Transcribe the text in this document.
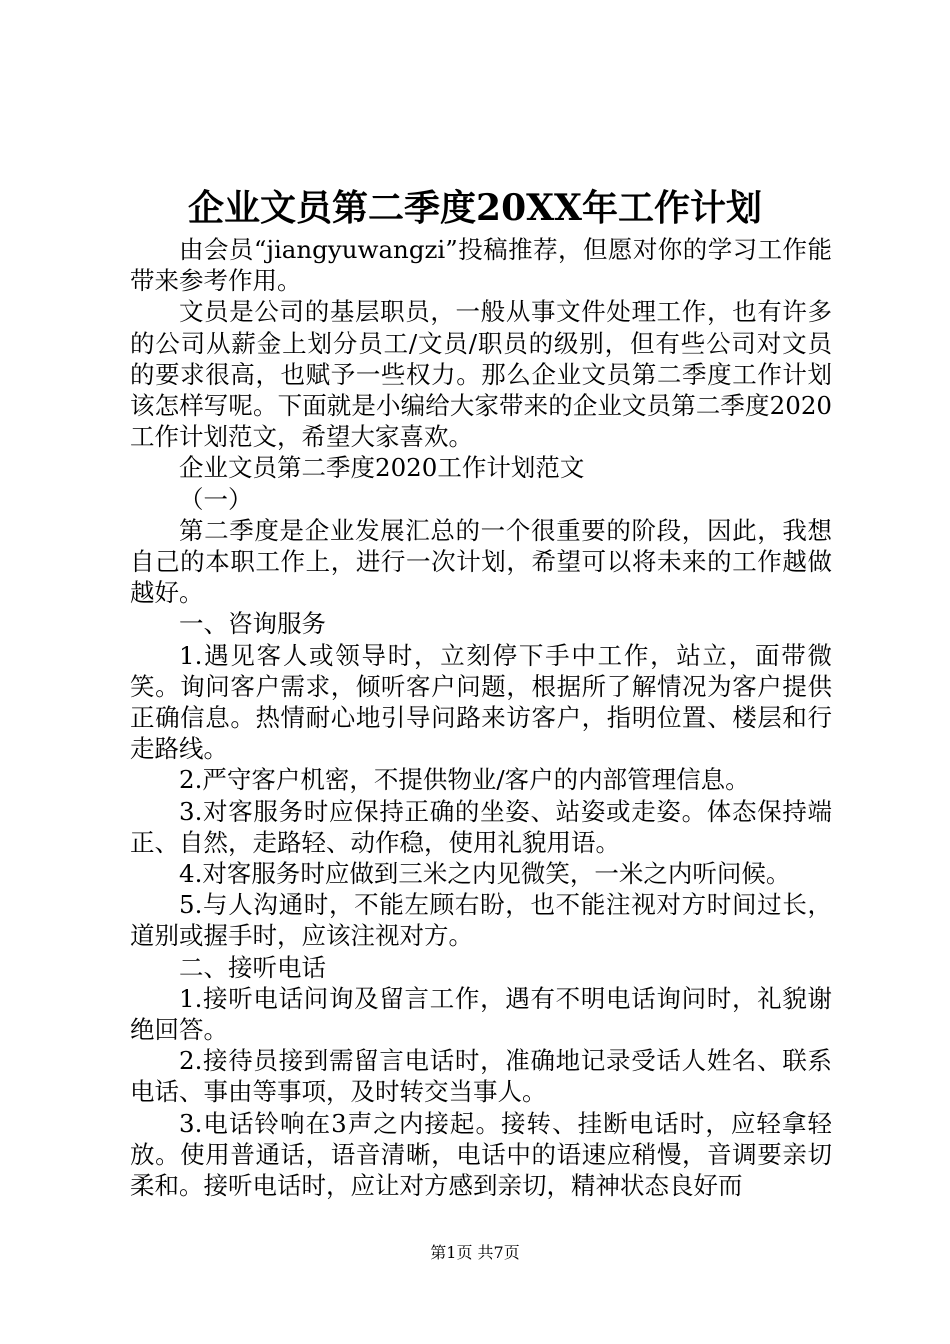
企业文员第二季度20XX年工作计划

由会员“jiangyuwangzi”投稿推荐，但愿对你的学习工作能带来参考作用。

文员是公司的基层职员，一般从事文件处理工作，也有许多的公司从薪金上划分员工/文员/职员的级别，但有些公司对文员的要求很高，也赋予一些权力。那么企业文员第二季度工作计划该怎样写呢。下面就是小编给大家带来的企业文员第二季度2020工作计划范文，希望大家喜欢。

企业文员第二季度2020工作计划范文

（一）

第二季度是企业发展汇总的一个很重要的阶段，因此，我想自己的本职工作上，进行一次计划，希望可以将未来的工作越做越好。

一、咨询服务

1.遇见客人或领导时，立刻停下手中工作，站立，面带微笑。询问客户需求，倾听客户问题，根据所了解情况为客户提供正确信息。热情耐心地引导问路来访客户，指明位置、楼层和行走路线。

2.严守客户机密，不提供物业/客户的内部管理信息。

3.对客服务时应保持正确的坐姿、站姿或走姿。体态保持端正、自然，走路轻、动作稳，使用礼貌用语。

4.对客服务时应做到三米之内见微笑，一米之内听问候。

5.与人沟通时，不能左顾右盼，也不能注视对方时间过长，道别或握手时，应该注视对方。

二、接听电话

1.接听电话问询及留言工作，遇有不明电话询问时，礼貌谢绝回答。

2.接待员接到需留言电话时，准确地记录受话人姓名、联系电话、事由等事项，及时转交当事人。

3.电话铃响在3声之内接起。接转、挂断电话时，应轻拿轻放。使用普通话，语音清晰，电话中的语速应稍慢，音调要亲切柔和。接听电话时，应让对方感到亲切，精神状态良好而

第1页 共7页
